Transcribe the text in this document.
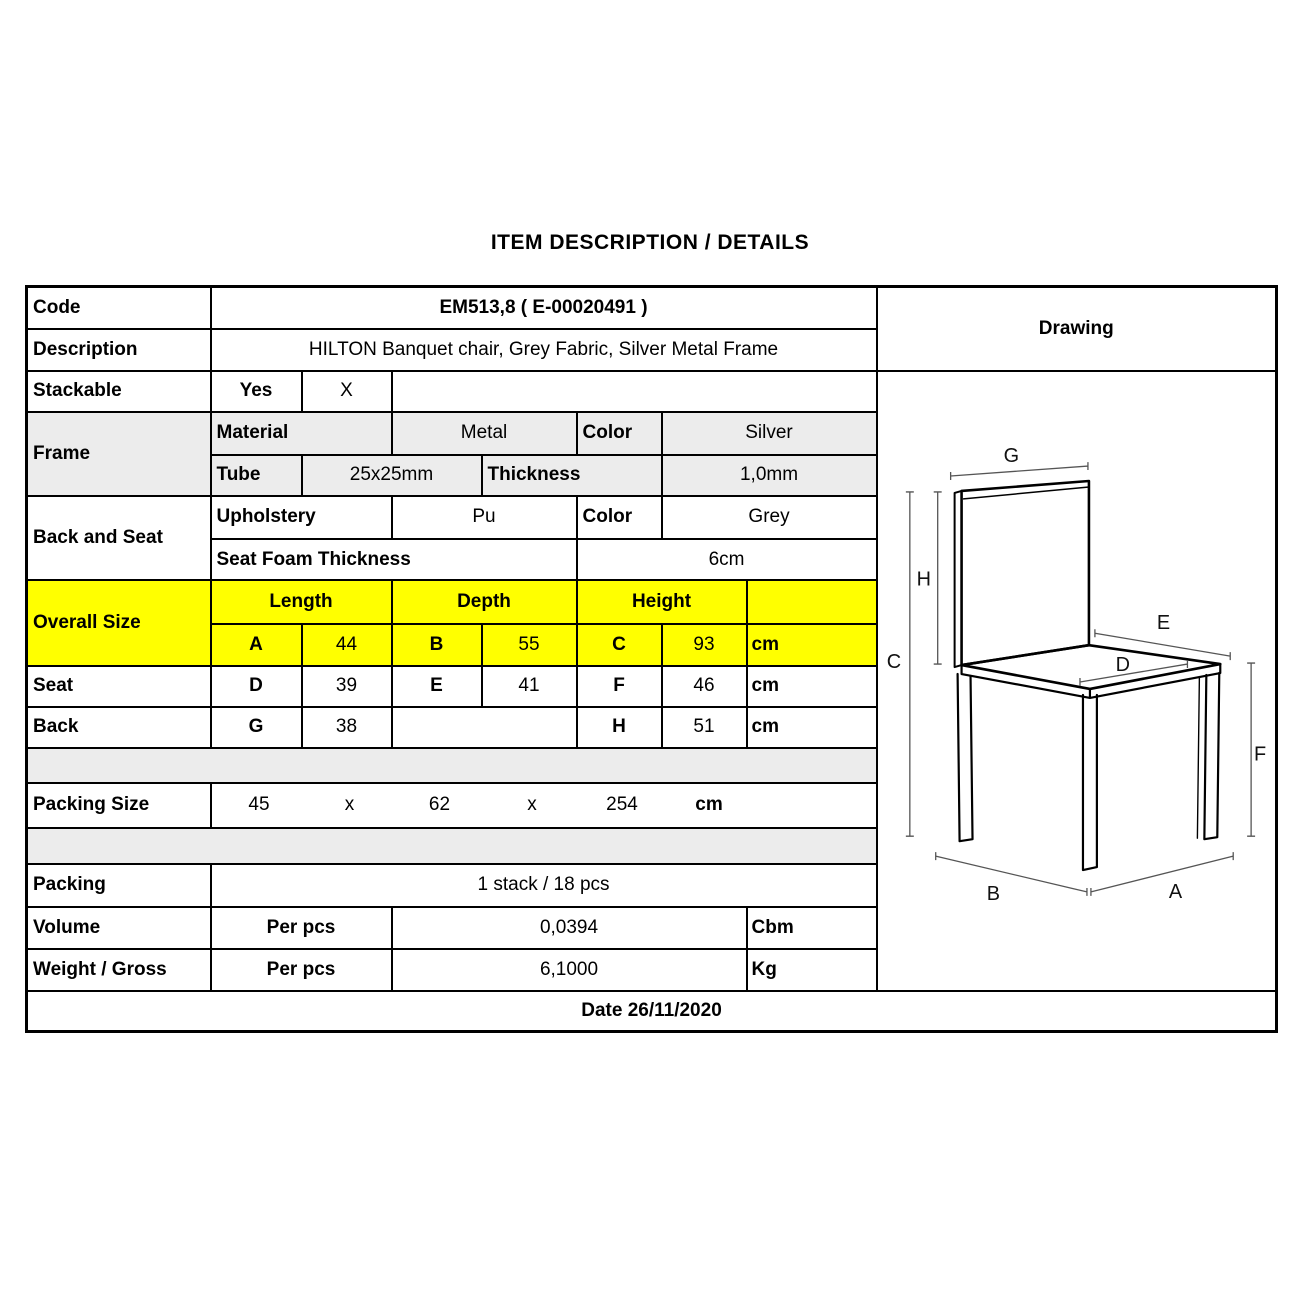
ITEM DESCRIPTION / DETAILS
Code	EM513,8 ( E-00020491 )							Drawing
Description	HILTON Banquet chair, Grey Fabric, Silver Metal Frame							
Stackable	Yes	X		
G
H
C
E
D
F
B	A

Frame	Material		Metal		Color	Silver		
	Tube	25x25mm		Thickness		1,0mm		
Back and Seat	Upholstery		Pu		Color	Grey		
	Seat Foam Thickness				6cm			
Overall Size	Length		Depth		Height			
	A	44	B	55	C	93	cm	
Seat	D	39	E	41	F	46	cm	
Back	G	38			H	51	cm	

Packing Size	45	x	62	x	254	cm

Packing	1 stack / 18 pcs							
Volume	Per pcs		0,0394				Cbm	
Weight / Gross	Per pcs		6,1000				Kg	
Date 26/11/2020								
